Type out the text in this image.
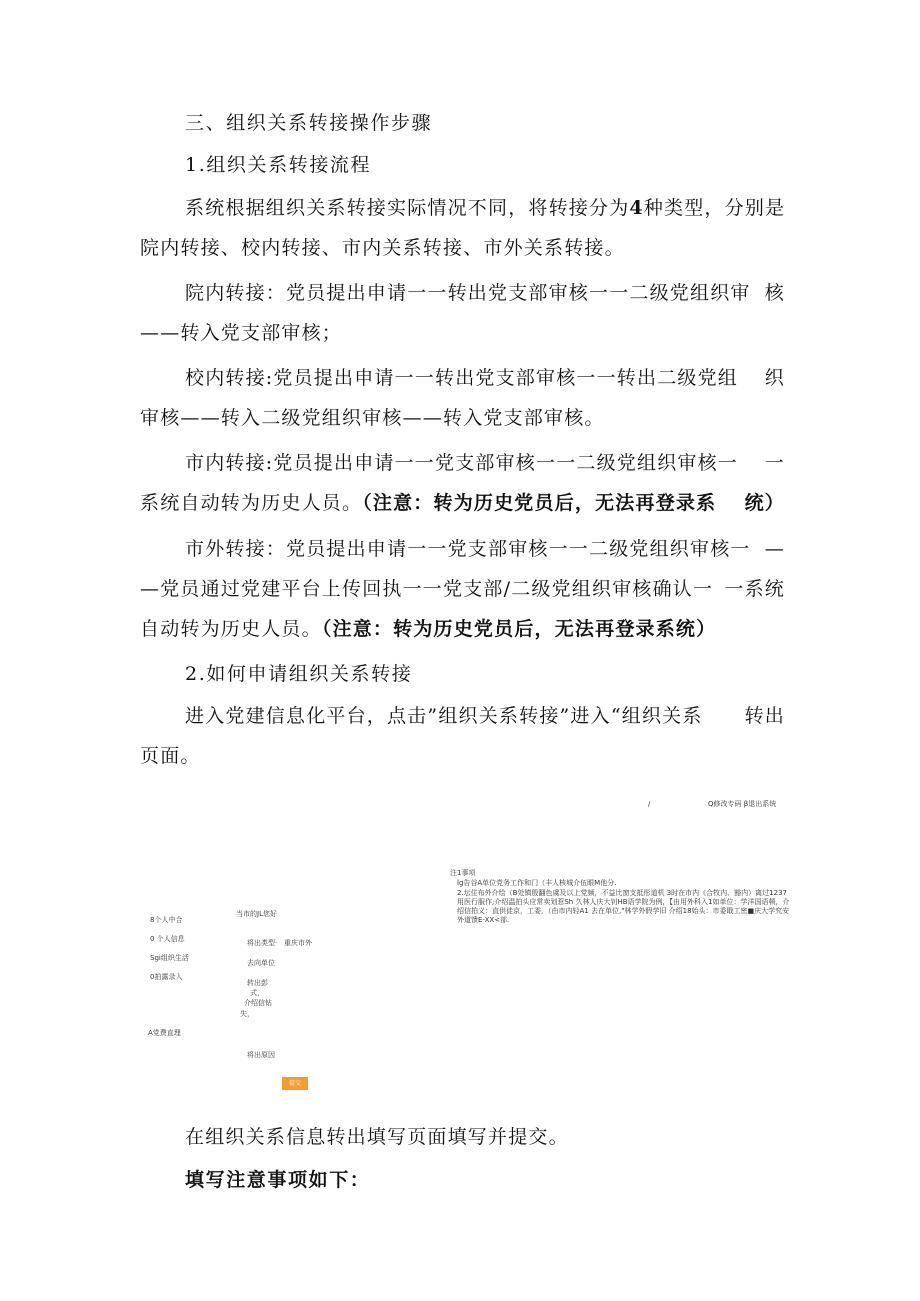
三、组织关系转接操作步骤
1.组织关系转接流程
系统根据组织关系转接实际情况不同，将转接分为4种类型，分 别是
院内转接、校内转接、市内关系转接、市外关系转接。
院内转接：党员提出申请一一转出党支部审核一一二级党组织审 核
——转入党支部审核；
校内转接:党员提出申请一一转出党支部审核一一转出二级党组 织
审核——转入二级党组织审核——转入党支部审核。
市内转接:党员提出申请一一党支部审核一一二级党组织审核一 一
系统自动转为历史人员。（注意：转为历史党员后，无法再登录系 统）
市外转接：党员提出申请一一党支部审核一一二级党组织审核一 —
—党员通过党建平台上传回执一一党支部/二级党组织审核确认一 一系统
自动转为历史人员。（注意：转为历史党员后，无法再登录系 统）
2.如何申请组织关系转接
进入党建信息化平台，点击”组织关系转接”进入“组织关系 转出
页面。
/	Q修改专码 β退出系统
注1事项
lg告谷A单位党务工作和门（丰人核城介伍眼M他分.
2.坛住布外介绘（B处镇殷翻色虞及以上党频，不益比窗支抵彤道机 3时在市内《合牧内、豁内）离过1237用医行服作;介绍温拍头应常卖划惹Sh 久林人庆大钊HB语学院为例，【由用外科入1如单位：学洋国语顿，介绍信拍义：直供徒京，工委，（由市内轻A1 去在单位,"林学外假学旧 介绍18始头：市委戢工密■庆大学究安外道馈E-XX<部.
当市的JL您好
8个人中合
0 个人信息
Sgi组织生活
0拍露录入
A党费直理
将出类型· 重庆市外
去向单位
转出彭
式，
介绍信钻
失，
将出原因
提交
在组织关系信息转出填写页面填写并提交。
填写注意事项如下：
